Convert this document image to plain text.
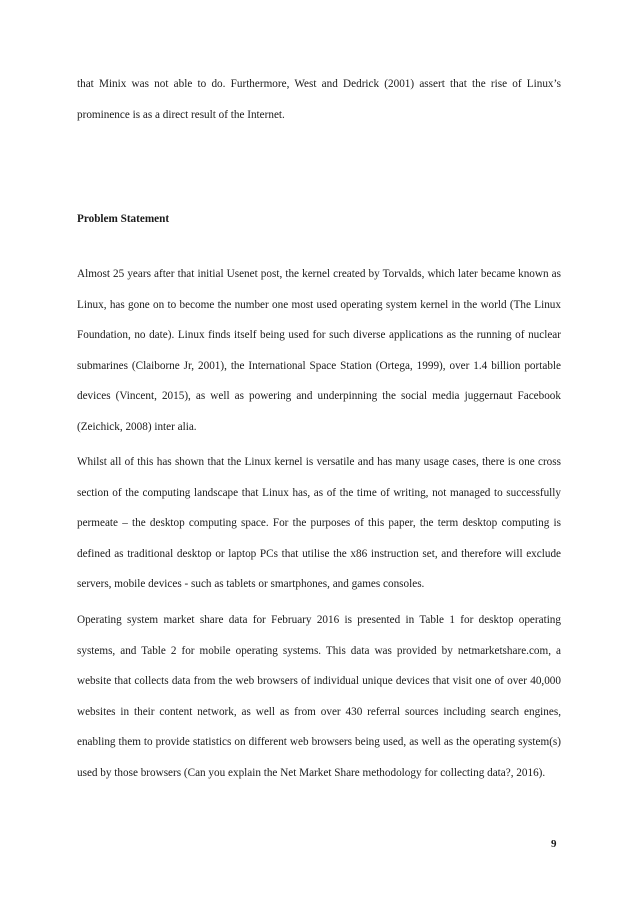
that Minix was not able to do. Furthermore, West and Dedrick (2001) assert that the rise of Linux’s prominence is as a direct result of the Internet.

Problem Statement

Almost 25 years after that initial Usenet post, the kernel created by Torvalds, which later became known as Linux, has gone on to become the number one most used operating system kernel in the world (The Linux Foundation, no date). Linux finds itself being used for such diverse applications as the running of nuclear submarines (Claiborne Jr, 2001), the International Space Station (Ortega, 1999), over 1.4 billion portable devices (Vincent, 2015), as well as powering and underpinning the social media juggernaut Facebook (Zeichick, 2008) inter alia.

Whilst all of this has shown that the Linux kernel is versatile and has many usage cases, there is one cross section of the computing landscape that Linux has, as of the time of writing, not managed to successfully permeate – the desktop computing space. For the purposes of this paper, the term desktop computing is defined as traditional desktop or laptop PCs that utilise the x86 instruction set, and therefore will exclude servers, mobile devices - such as tablets or smartphones, and games consoles.

Operating system market share data for February 2016 is presented in Table 1 for desktop operating systems, and Table 2 for mobile operating systems. This data was provided by netmarketshare.com, a website that collects data from the web browsers of individual unique devices that visit one of over 40,000 websites in their content network, as well as from over 430 referral sources including search engines, enabling them to provide statistics on different web browsers being used, as well as the operating system(s) used by those browsers (Can you explain the Net Market Share methodology for collecting data?, 2016).

9
